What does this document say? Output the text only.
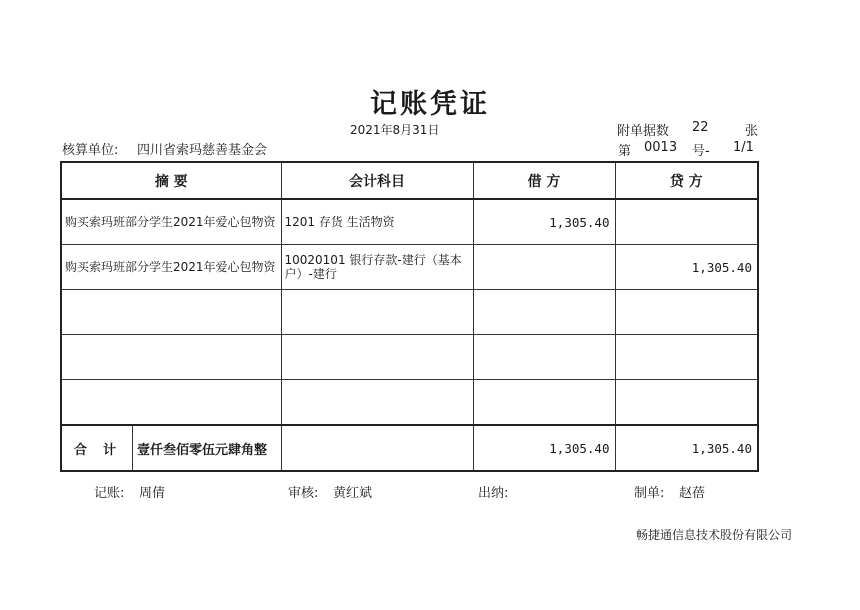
记账凭证
2021年8月31日	附单据数 22	张
核算单位: 四川省索玛慈善基金会	第 0013 号- 1/1
摘 要	会计科目	借 方	贷 方
购买索玛班部分学生2021年爱心包物资	1201 存货 生活物资	1,305.40	
购买索玛班部分学生2021年爱心包物资	10020101 银行存款-建行（基本户）-建行		1,305.40

合计 壹仟叁佰零伍元肆角整		1,305.40	1,305.40
记账: 周倩	审核: 黄红斌	出纳:	制单: 赵蓓
畅捷通信息技术股份有限公司
